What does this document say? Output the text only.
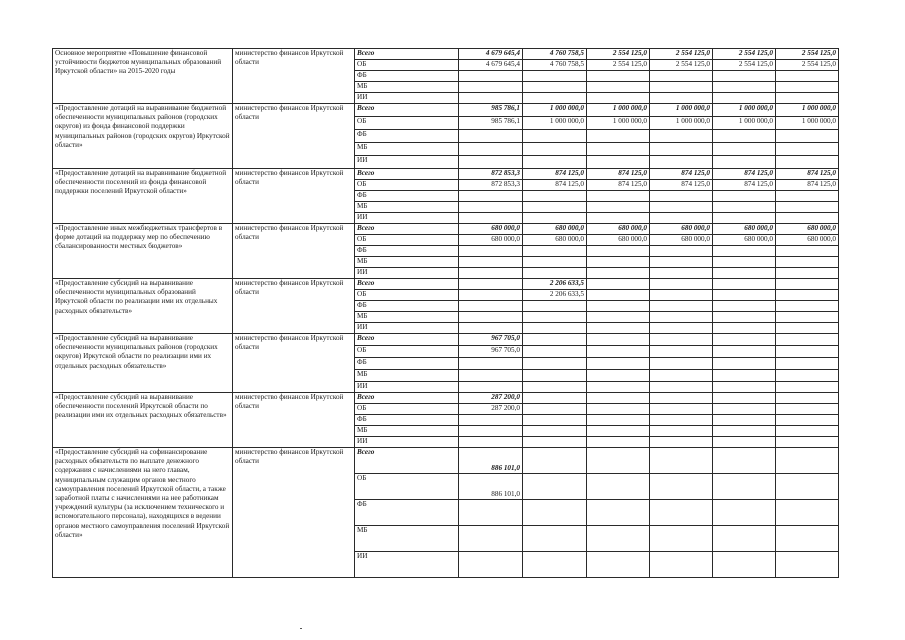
Основное мероприятие «Повышение финансовой устойчивости бюджетов муниципальных образований Иркутской области» на 2015-2020 годы	министерство финансов Иркутской области	Всего	4 679 645,4	4 760 758,5	2 554 125,0	2 554 125,0	2 554 125,0	2 554 125,0
		ОБ	4 679 645,4	4 760 758,5	2 554 125,0	2 554 125,0	2 554 125,0	2 554 125,0
		ФБ						
		МБ						
		ИИ						
«Предоставление дотаций на выравнивание бюджетной обеспеченности муниципальных районов (городских округов) из фонда финансовой поддержки муниципальных районов (городских округов) Иркутской области»	министерство финансов Иркутской области	Всего	985 786,1	1 000 000,0	1 000 000,0	1 000 000,0	1 000 000,0	1 000 000,0
		ОБ	985 786,1	1 000 000,0	1 000 000,0	1 000 000,0	1 000 000,0	1 000 000,0
		ФБ						
		МБ						
		ИИ						
«Предоставление дотаций на выравнивание бюджетной обеспеченности поселений из фонда финансовой поддержки поселений Иркутской области»	министерство финансов Иркутской области	Всего	872 853,3	874 125,0	874 125,0	874 125,0	874 125,0	874 125,0
		ОБ	872 853,3	874 125,0	874 125,0	874 125,0	874 125,0	874 125,0
		ФБ						
		МБ						
		ИИ						
«Предоставление иных межбюджетных трансфертов в форме дотаций на поддержку мер по обеспечению сбалансированности местных бюджетов»	министерство финансов Иркутской области	Всего	680 000,0	680 000,0	680 000,0	680 000,0	680 000,0	680 000,0
		ОБ	680 000,0	680 000,0	680 000,0	680 000,0	680 000,0	680 000,0
		ФБ						
		МБ						
		ИИ						
«Предоставление субсидий на выравнивание обеспеченности муниципальных образований Иркутской области по реализации ими их отдельных расходных обязательств»	министерство финансов Иркутской области	Всего		2 206 633,5				
		ОБ		2 206 633,5				
		ФБ						
		МБ						
		ИИ						
«Предоставление субсидий на выравнивание обеспеченности муниципальных районов (городских округов) Иркутской области по реализации ими их отдельных расходных обязательств»	министерство финансов Иркутской области	Всего	967 705,0					
		ОБ	967 705,0					
		ФБ						
		МБ						
		ИИ						
«Предоставление субсидий на выравнивание обеспеченности поселений Иркутской области по реализации ими их отдельных расходных обязательств»	министерство финансов Иркутской области	Всего	287 200,0					
		ОБ	287 200,0					
		ФБ						
		МБ						
		ИИ						
«Предоставление субсидий на софинансирование расходных обязательств по выплате денежного содержания с начислениями на него главам, муниципальным служащим органов местного самоуправления поселений Иркутской области, а также заработной платы с начислениями на нее работникам учреждений культуры (за исключением технического и вспомогательного персонала), находящихся в ведении органов местного самоуправления поселений Иркутской области»	министерство финансов Иркутской области	Всего	886 101,0					
		ОБ	886 101,0					
		ФБ						
		МБ						
		ИИ						
